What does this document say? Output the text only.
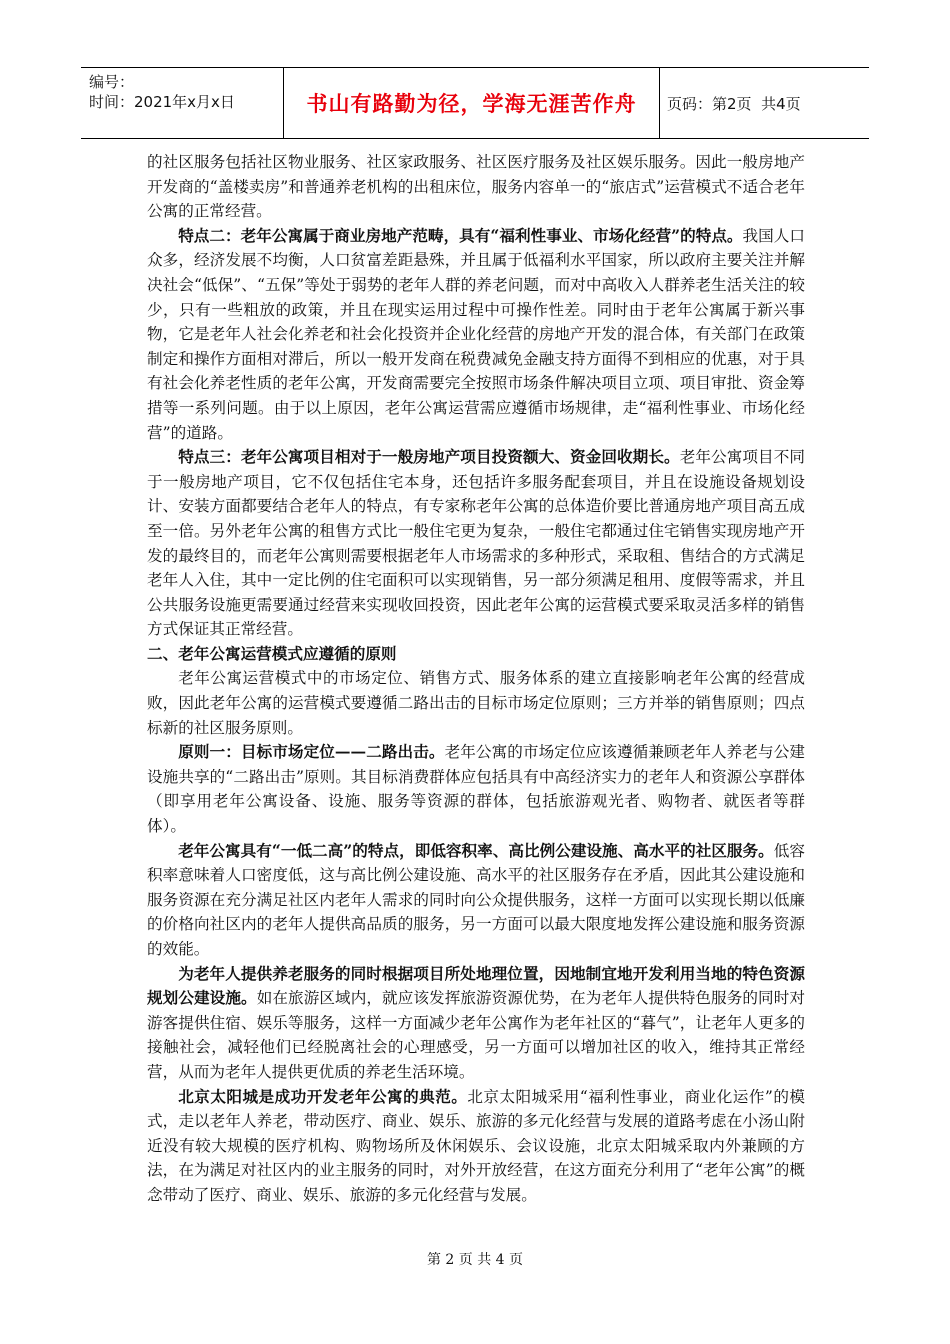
编号：
时间：2021年x月x日	书山有路勤为径，学海无涯苦作舟	页码：第2页  共4页

的社区服务包括社区物业服务、社区家政服务、社区医疗服务及社区娱乐服务。因此一般房地产开发商的“盖楼卖房”和普通养老机构的出租床位，服务内容单一的“旅店式”运营模式不适合老年公寓的正常经营。

特点二：老年公寓属于商业房地产范畴，具有“福利性事业、市场化经营”的特点。我国人口众多，经济发展不均衡，人口贫富差距悬殊，并且属于低福利水平国家，所以政府主要关注并解决社会“低保”、“五保”等处于弱势的老年人群的养老问题，而对中高收入人群养老生活关注的较少，只有一些粗放的政策，并且在现实运用过程中可操作性差。同时由于老年公寓属于新兴事物，它是老年人社会化养老和社会化投资并企业化经营的房地产开发的混合体，有关部门在政策制定和操作方面相对滞后，所以一般开发商在税费减免金融支持方面得不到相应的优惠，对于具有社会化养老性质的老年公寓，开发商需要完全按照市场条件解决项目立项、项目审批、资金筹措等一系列问题。由于以上原因，老年公寓运营需应遵循市场规律，走“福利性事业、市场化经营”的道路。

特点三：老年公寓项目相对于一般房地产项目投资额大、资金回收期长。老年公寓项目不同于一般房地产项目，它不仅包括住宅本身，还包括许多服务配套项目，并且在设施设备规划设计、安装方面都要结合老年人的特点，有专家称老年公寓的总体造价要比普通房地产项目高五成至一倍。另外老年公寓的租售方式比一般住宅更为复杂，一般住宅都通过住宅销售实现房地产开发的最终目的，而老年公寓则需要根据老年人市场需求的多种形式，采取租、售结合的方式满足老年人入住，其中一定比例的住宅面积可以实现销售，另一部分须满足租用、度假等需求，并且公共服务设施更需要通过经营来实现收回投资，因此老年公寓的运营模式要采取灵活多样的销售方式保证其正常经营。

二、老年公寓运营模式应遵循的原则

老年公寓运营模式中的市场定位、销售方式、服务体系的建立直接影响老年公寓的经营成败，因此老年公寓的运营模式要遵循二路出击的目标市场定位原则；三方并举的销售原则；四点标新的社区服务原则。

原则一：目标市场定位——二路出击。老年公寓的市场定位应该遵循兼顾老年人养老与公建设施共享的“二路出击”原则。其目标消费群体应包括具有中高经济实力的老年人和资源公享群体（即享用老年公寓设备、设施、服务等资源的群体，包括旅游观光者、购物者、就医者等群体）。

老年公寓具有“一低二高”的特点，即低容积率、高比例公建设施、高水平的社区服务。低容积率意味着人口密度低，这与高比例公建设施、高水平的社区服务存在矛盾，因此其公建设施和服务资源在充分满足社区内老年人需求的同时向公众提供服务，这样一方面可以实现长期以低廉的价格向社区内的老年人提供高品质的服务，另一方面可以最大限度地发挥公建设施和服务资源的效能。

为老年人提供养老服务的同时根据项目所处地理位置，因地制宜地开发利用当地的特色资源规划公建设施。如在旅游区域内，就应该发挥旅游资源优势，在为老年人提供特色服务的同时对游客提供住宿、娱乐等服务，这样一方面减少老年公寓作为老年社区的“暮气”，让老年人更多的接触社会，减轻他们已经脱离社会的心理感受，另一方面可以增加社区的收入，维持其正常经营，从而为老年人提供更优质的养老生活环境。

北京太阳城是成功开发老年公寓的典范。北京太阳城采用“福利性事业，商业化运作”的模式，走以老年人养老，带动医疗、商业、娱乐、旅游的多元化经营与发展的道路考虑在小汤山附近没有较大规模的医疗机构、购物场所及休闲娱乐、会议设施，北京太阳城采取内外兼顾的方法，在为满足对社区内的业主服务的同时，对外开放经营，在这方面充分利用了“老年公寓”的概念带动了医疗、商业、娱乐、旅游的多元化经营与发展。

第 2 页 共 4 页
